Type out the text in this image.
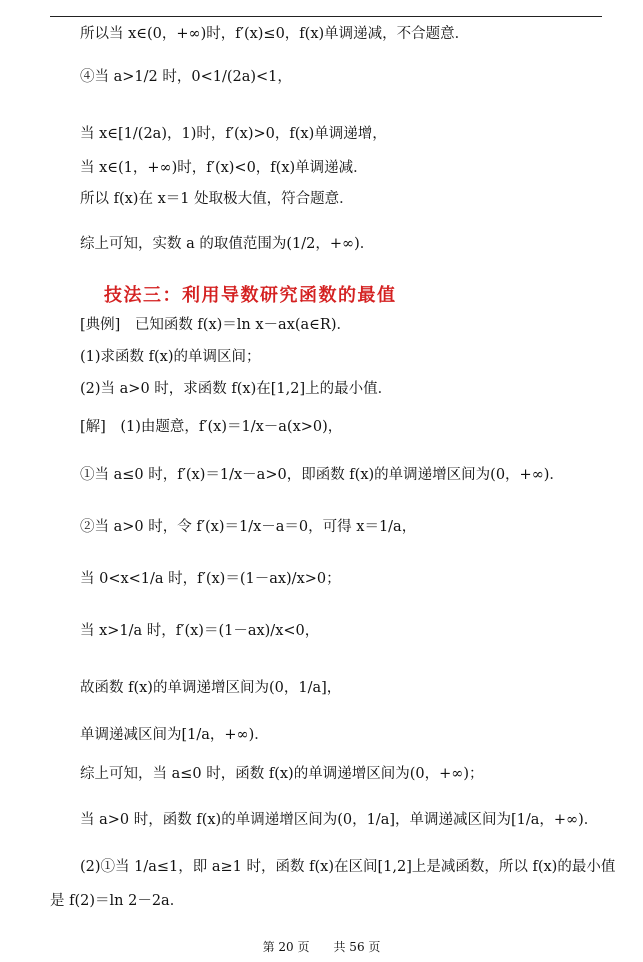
所以当 x∈(0，+∞)时，f′(x)≤0，f(x)单调递减，不合题意．
④当 a>1/2 时，0<1/(2a)<1，
当 x∈[1/(2a)，1)时，f′(x)>0，f(x)单调递增，
当 x∈(1，+∞)时，f′(x)<0，f(x)单调递减．
所以 f(x)在 x＝1 处取极大值，符合题意．
综上可知，实数 a 的取值范围为(1/2，+∞)．
[典例]　已知函数 f(x)＝ln x－ax(a∈R)．
(1)求函数 f(x)的单调区间；
(2)当 a>0 时，求函数 f(x)在[1,2]上的最小值．
[解]　(1)由题意，f′(x)＝1/x－a(x>0)，
①当 a≤0 时，f′(x)＝1/x－a>0，即函数 f(x)的单调递增区间为(0，+∞)．
②当 a>0 时，令 f′(x)＝1/x－a＝0，可得 x＝1/a，
当 0<x<1/a 时，f′(x)＝(1－ax)/x>0；
当 x>1/a 时，f′(x)＝(1－ax)/x<0，
故函数 f(x)的单调递增区间为(0，1/a]，
单调递减区间为[1/a，+∞)．
综上可知，当 a≤0 时，函数 f(x)的单调递增区间为(0，+∞)；
当 a>0 时，函数 f(x)的单调递增区间为(0，1/a]，单调递减区间为[1/a，+∞)．
(2)①当 1/a≤1，即 a≥1 时，函数 f(x)在区间[1,2]上是减函数，所以 f(x)的最小值
是 f(2)＝ln 2－2a．
技法三：利用导数研究函数的最值
第 20 页　　共 56 页
